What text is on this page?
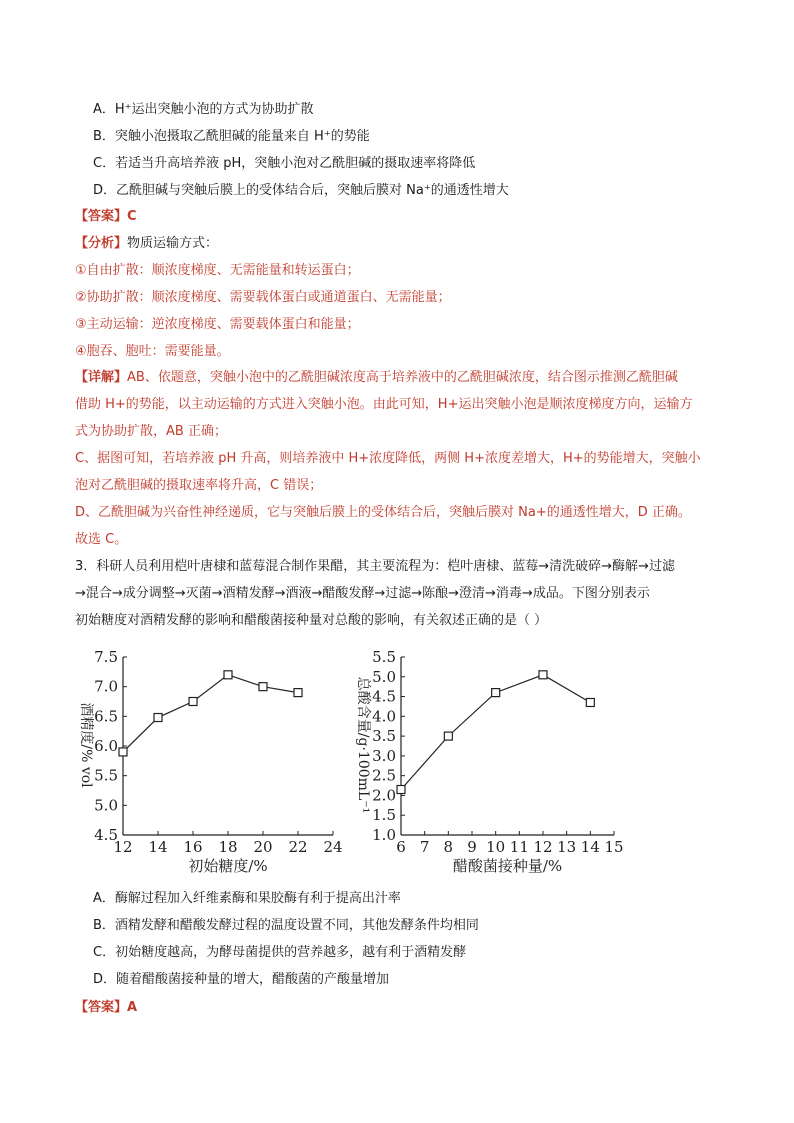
A．H⁺运出突触小泡的方式为协助扩散
B．突触小泡摄取乙酰胆碱的能量来自 H⁺的势能
C．若适当升高培养液 pH，突触小泡对乙酰胆碱的摄取速率将降低
D．乙酰胆碱与突触后膜上的受体结合后，突触后膜对 Na⁺的通透性增大
【答案】C
【分析】物质运输方式：
①自由扩散：顺浓度梯度、无需能量和转运蛋白；
②协助扩散：顺浓度梯度、需要载体蛋白或通道蛋白、无需能量；
③主动运输：逆浓度梯度、需要载体蛋白和能量；
④胞吞、胞吐：需要能量。
【详解】AB、依题意，突触小泡中的乙酰胆碱浓度高于培养液中的乙酰胆碱浓度，结合图示推测乙酰胆碱
借助 H+的势能，以主动运输的方式进入突触小泡。由此可知，H+运出突触小泡是顺浓度梯度方向，运输方
式为协助扩散，AB 正确；
C、据图可知，若培养液 pH 升高，则培养液中 H+浓度降低，两侧 H+浓度差增大，H+的势能增大，突触小
泡对乙酰胆碱的摄取速率将升高，C 错误；
D、乙酰胆碱为兴奋性神经递质，它与突触后膜上的受体结合后，突触后膜对 Na+的通透性增大，D 正确。
故选 C。
3．科研人员利用桤叶唐棣和蓝莓混合制作果醋，其主要流程为：桤叶唐棣、蓝莓→清洗破碎→酶解→过滤
→混合→成分调整→灭菌→酒精发酵→酒液→醋酸发酵→过滤→陈酿→澄清→消毒→成品。下图分别表示
初始糖度对酒精发酵的影响和醋酸菌接种量对总酸的影响，有关叙述正确的是（ ）
12 14 16 18 20 22 24
4.5
5.0
5.5
6.0
6.5
7.0
7.5
初始糖度/%
酒精度/% vol
6 7 8 9 10 11 12 13 14 15
1.0
1.5
2.0
2.5
3.0
3.5
4.0
4.5
5.0
5.5
醋酸菌接种量/%
总酸含量/g·100mL⁻¹
A．酶解过程加入纤维素酶和果胶酶有利于提高出汁率
B．酒精发酵和醋酸发酵过程的温度设置不同，其他发酵条件均相同
C．初始糖度越高，为酵母菌提供的营养越多，越有利于酒精发酵
D．随着醋酸菌接种量的增大，醋酸菌的产酸量增加
【答案】A
